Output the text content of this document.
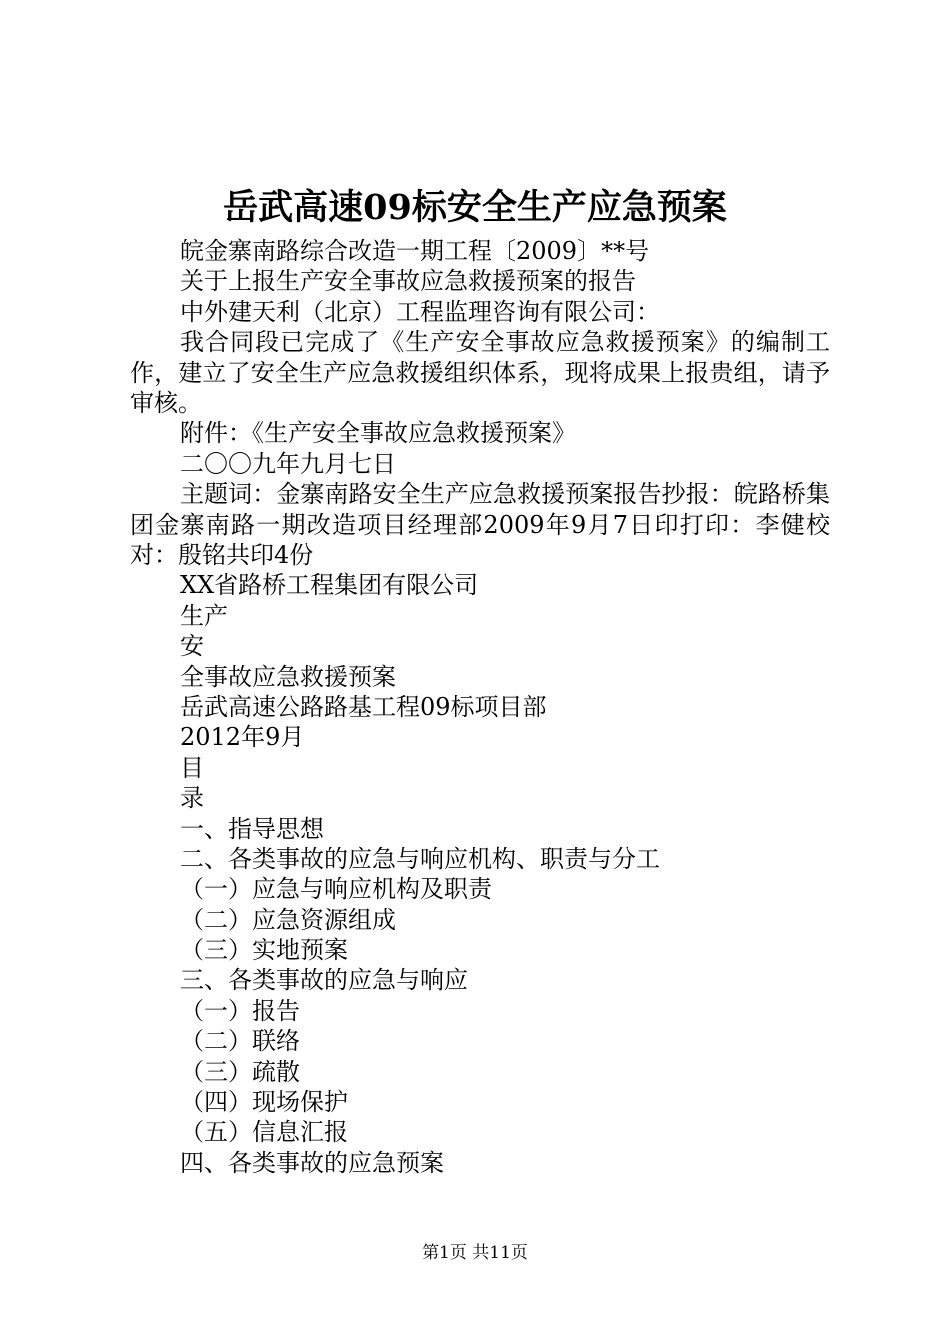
岳武高速09标安全生产应急预案
皖金寨南路综合改造一期工程〔2009〕**号
关于上报生产安全事故应急救援预案的报告
中外建天利（北京）工程监理咨询有限公司：
我合同段已完成了《生产安全事故应急救援预案》的编制工作，建立了安全生产应急救援组织体系，现将成果上报贵组，请予审核。
附件：《生产安全事故应急救援预案》
二〇〇九年九月七日
主题词：金寨南路安全生产应急救援预案报告抄报：皖路桥集团金寨南路一期改造项目经理部2009年9月7日印打印：李健校对：殷铭共印4份
XX省路桥工程集团有限公司
生产
安
全事故应急救援预案
岳武高速公路路基工程09标项目部
2012年9月
目
录
一、指导思想
二、各类事故的应急与响应机构、职责与分工
（一）应急与响应机构及职责
（二）应急资源组成
（三）实地预案
三、各类事故的应急与响应
（一）报告
（二）联络
（三）疏散
（四）现场保护
（五）信息汇报
四、各类事故的应急预案
第1页 共11页
